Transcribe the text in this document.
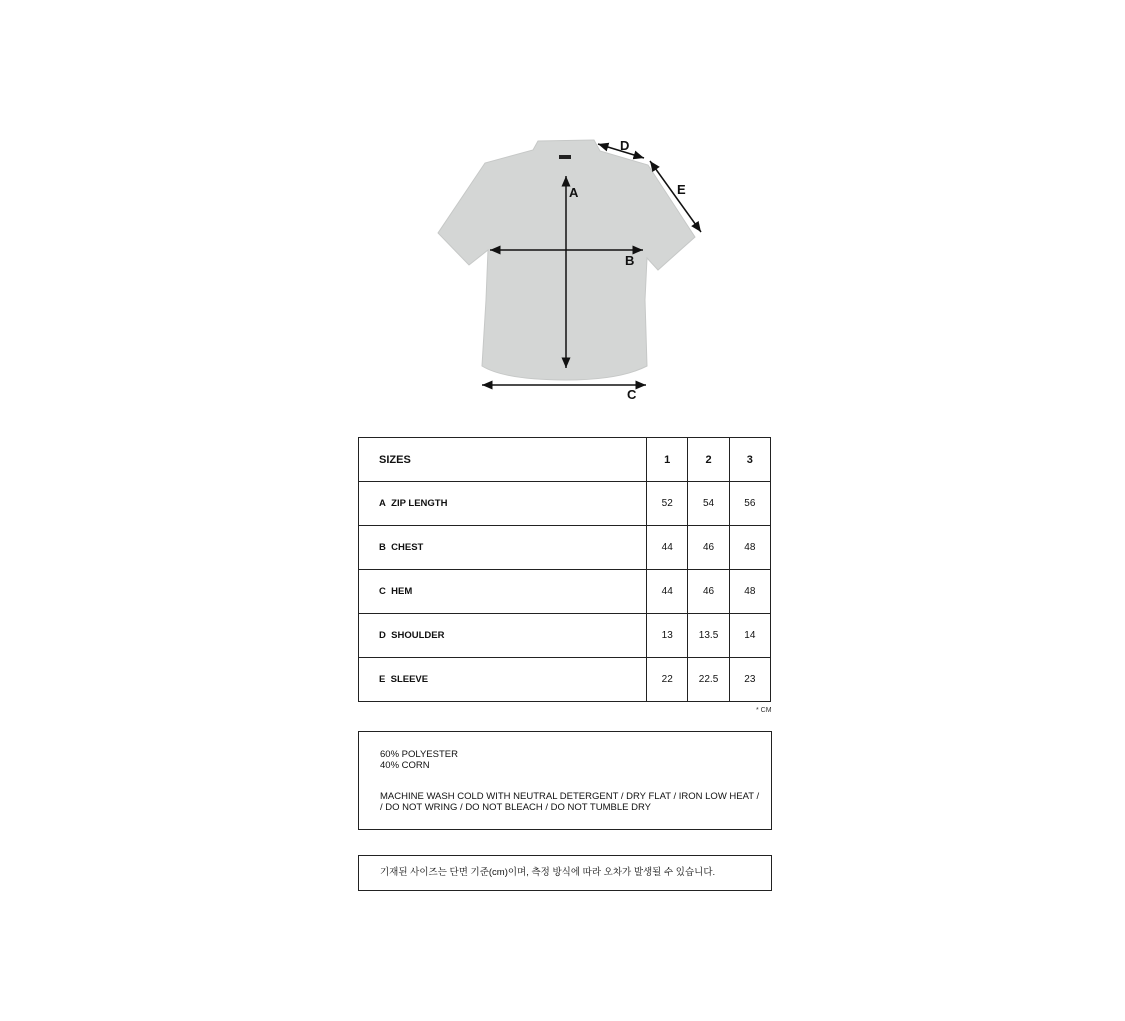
A
B
C
D
E
SIZES	1	2	3
A ZIP LENGTH	52	54	56
B CHEST	44	46	48
C HEM	44	46	48
D SHOULDER	13	13.5	14
E SLEEVE	22	22.5	23
* CM

60% POLYESTER

40% CORN

MACHINE WASH COLD WITH NEUTRAL DETERGENT / DRY FLAT / IRON LOW HEAT /

/ DO NOT WRING / DO NOT BLEACH / DO NOT TUMBLE DRY

기재된 사이즈는 단면 기준(cm)이며, 측정 방식에 따라 오차가 발생될 수 있습니다.
